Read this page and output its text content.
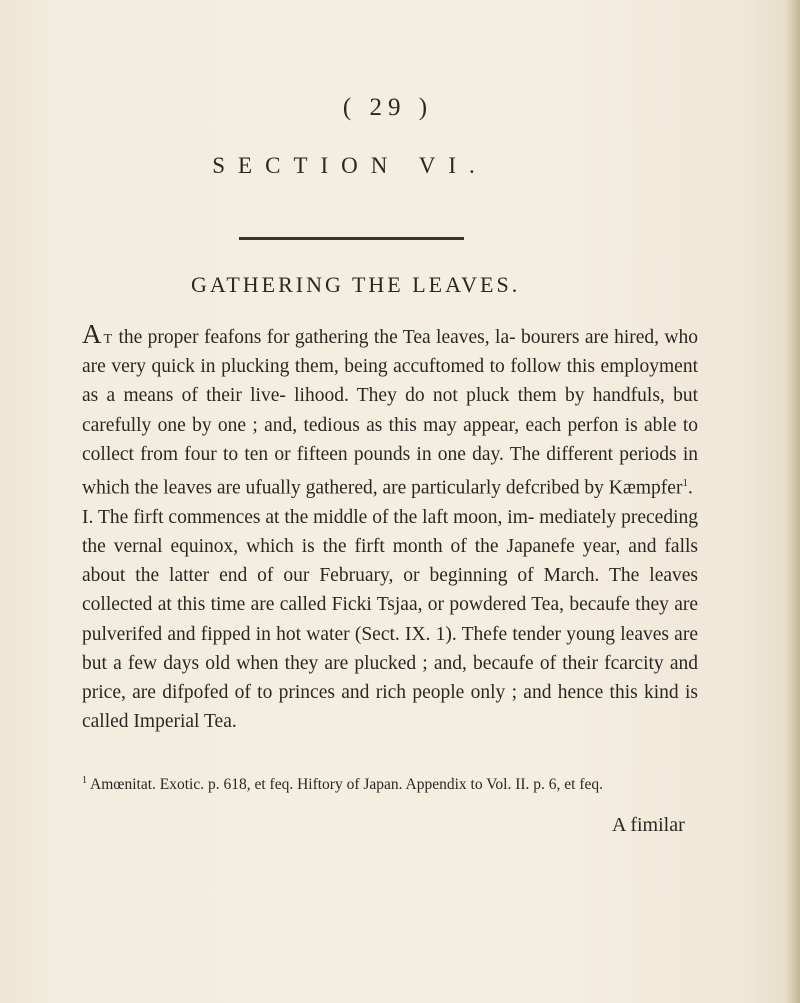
( 29 )
SECTION VI.
GATHERING THE LEAVES.

At the proper feafons for gathering the Tea leaves, la- bourers are hired, who are very quick in plucking them, being accuftomed to follow this employment as a means of their live- lihood. They do not pluck them by handfuls, but carefully one by one ; and, tedious as this may appear, each perfon is able to collect from four to ten or fifteen pounds in one day. The different periods in which the leaves are ufually gathered, are particularly defcribed by Kæmpfer$^1$.

I. The firft commences at the middle of the laft moon, im- mediately preceding the vernal equinox, which is the firft month of the Japanefe year, and falls about the latter end of our February, or beginning of March. The leaves collected at this time are called Ficki Tsjaa, or powdered Tea, becaufe they are pulverifed and fipped in hot water (Sect. IX. 1). Thefe tender young leaves are but a few days old when they are plucked ; and, becaufe of their fcarcity and price, are difpofed of to princes and rich people only ; and hence this kind is called Imperial Tea.

$^1$ Amœnitat. Exotic. p. 618, et feq. Hiftory of Japan. Appendix to Vol. II. p. 6, et feq.
A fimilar
